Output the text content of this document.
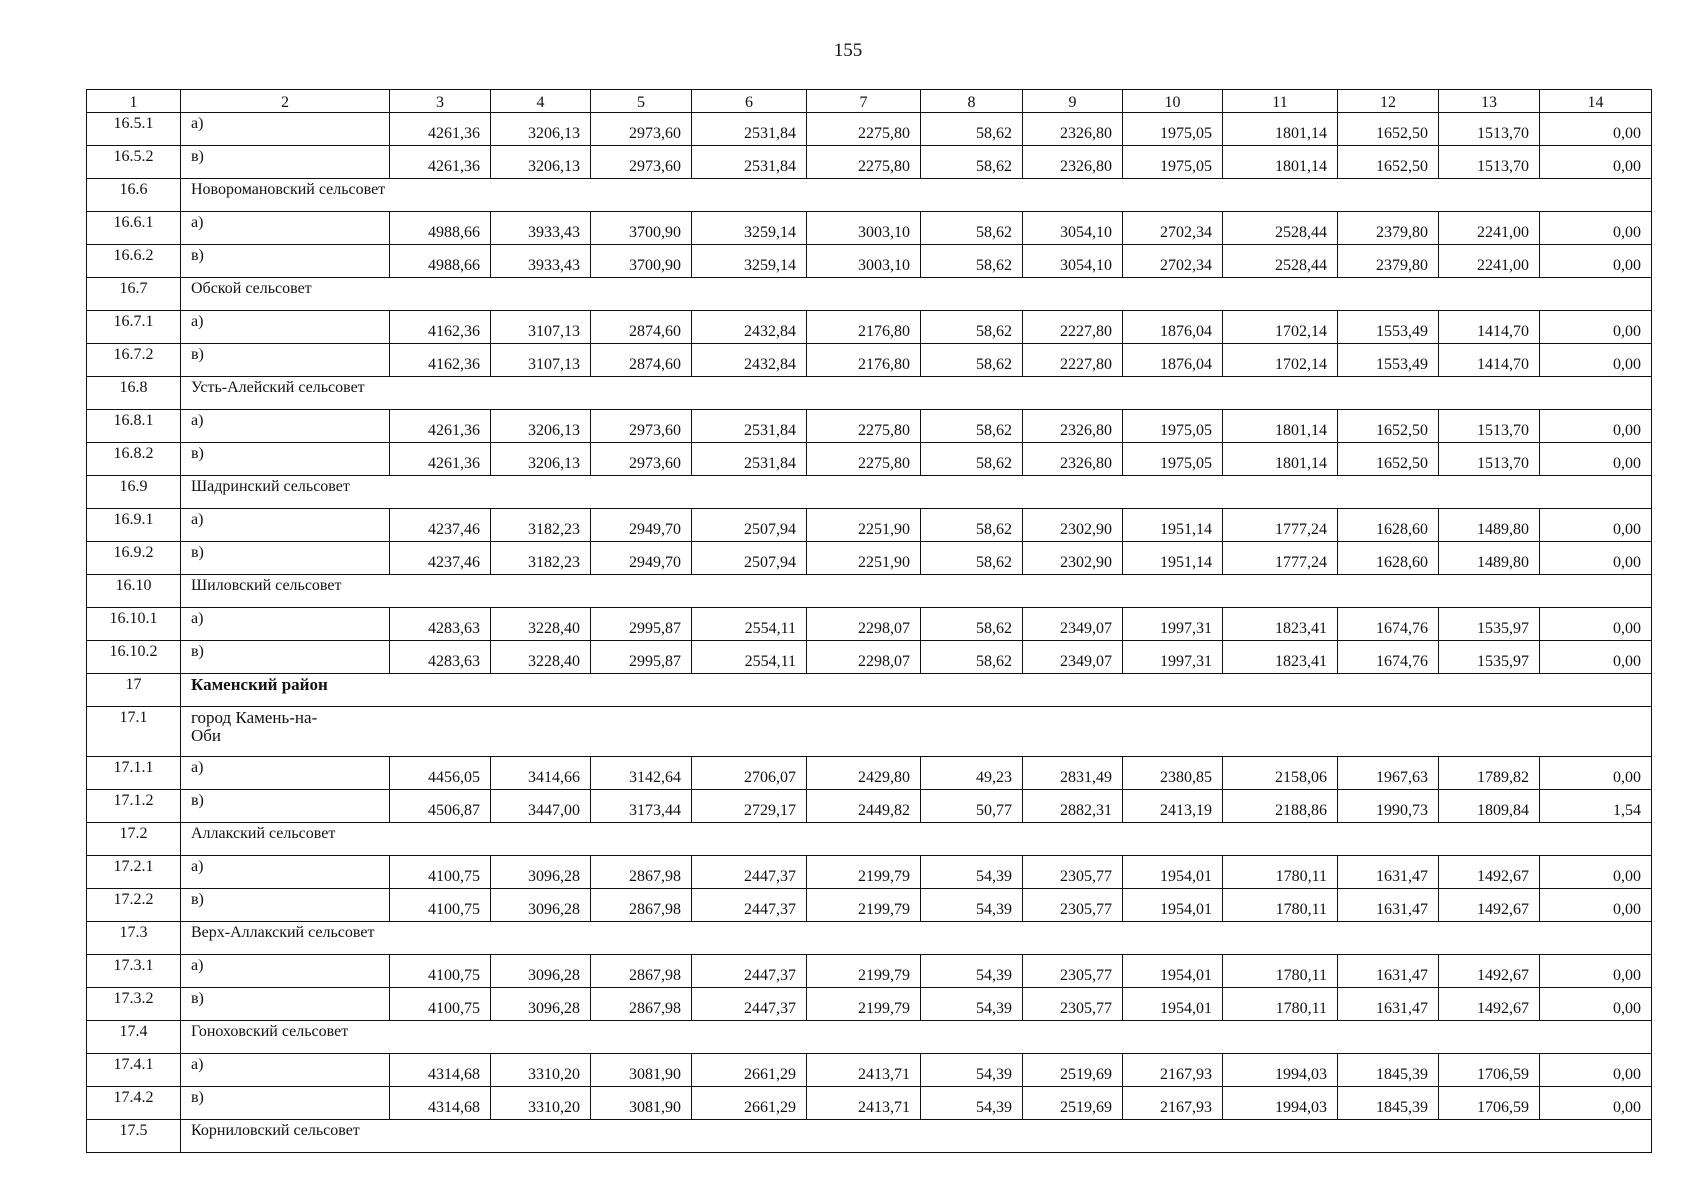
155
1	2	3	4	5	6	7	8	9	10	11	12	13	14
16.5.1	а)	4261,36	3206,13	2973,60	2531,84	2275,80	58,62	2326,80	1975,05	1801,14	1652,50	1513,70	0,00
16.5.2	в)	4261,36	3206,13	2973,60	2531,84	2275,80	58,62	2326,80	1975,05	1801,14	1652,50	1513,70	0,00
16.6	Новоромановский сельсовет												
16.6.1	а)	4988,66	3933,43	3700,90	3259,14	3003,10	58,62	3054,10	2702,34	2528,44	2379,80	2241,00	0,00
16.6.2	в)	4988,66	3933,43	3700,90	3259,14	3003,10	58,62	3054,10	2702,34	2528,44	2379,80	2241,00	0,00
16.7	Обской сельсовет												
16.7.1	а)	4162,36	3107,13	2874,60	2432,84	2176,80	58,62	2227,80	1876,04	1702,14	1553,49	1414,70	0,00
16.7.2	в)	4162,36	3107,13	2874,60	2432,84	2176,80	58,62	2227,80	1876,04	1702,14	1553,49	1414,70	0,00
16.8	Усть-Алейский сельсовет												
16.8.1	а)	4261,36	3206,13	2973,60	2531,84	2275,80	58,62	2326,80	1975,05	1801,14	1652,50	1513,70	0,00
16.8.2	в)	4261,36	3206,13	2973,60	2531,84	2275,80	58,62	2326,80	1975,05	1801,14	1652,50	1513,70	0,00
16.9	Шадринский сельсовет												
16.9.1	а)	4237,46	3182,23	2949,70	2507,94	2251,90	58,62	2302,90	1951,14	1777,24	1628,60	1489,80	0,00
16.9.2	в)	4237,46	3182,23	2949,70	2507,94	2251,90	58,62	2302,90	1951,14	1777,24	1628,60	1489,80	0,00
16.10	Шиловский сельсовет												
16.10.1	а)	4283,63	3228,40	2995,87	2554,11	2298,07	58,62	2349,07	1997,31	1823,41	1674,76	1535,97	0,00
16.10.2	в)	4283,63	3228,40	2995,87	2554,11	2298,07	58,62	2349,07	1997,31	1823,41	1674,76	1535,97	0,00
17	Каменский район												
17.1	город Камень-на-
Оби												
17.1.1	а)	4456,05	3414,66	3142,64	2706,07	2429,80	49,23	2831,49	2380,85	2158,06	1967,63	1789,82	0,00
17.1.2	в)	4506,87	3447,00	3173,44	2729,17	2449,82	50,77	2882,31	2413,19	2188,86	1990,73	1809,84	1,54
17.2	Аллакский сельсовет												
17.2.1	а)	4100,75	3096,28	2867,98	2447,37	2199,79	54,39	2305,77	1954,01	1780,11	1631,47	1492,67	0,00
17.2.2	в)	4100,75	3096,28	2867,98	2447,37	2199,79	54,39	2305,77	1954,01	1780,11	1631,47	1492,67	0,00
17.3	Верх-Аллакский сельсовет												
17.3.1	а)	4100,75	3096,28	2867,98	2447,37	2199,79	54,39	2305,77	1954,01	1780,11	1631,47	1492,67	0,00
17.3.2	в)	4100,75	3096,28	2867,98	2447,37	2199,79	54,39	2305,77	1954,01	1780,11	1631,47	1492,67	0,00
17.4	Гоноховский сельсовет												
17.4.1	а)	4314,68	3310,20	3081,90	2661,29	2413,71	54,39	2519,69	2167,93	1994,03	1845,39	1706,59	0,00
17.4.2	в)	4314,68	3310,20	3081,90	2661,29	2413,71	54,39	2519,69	2167,93	1994,03	1845,39	1706,59	0,00
17.5	Корниловский сельсовет												
